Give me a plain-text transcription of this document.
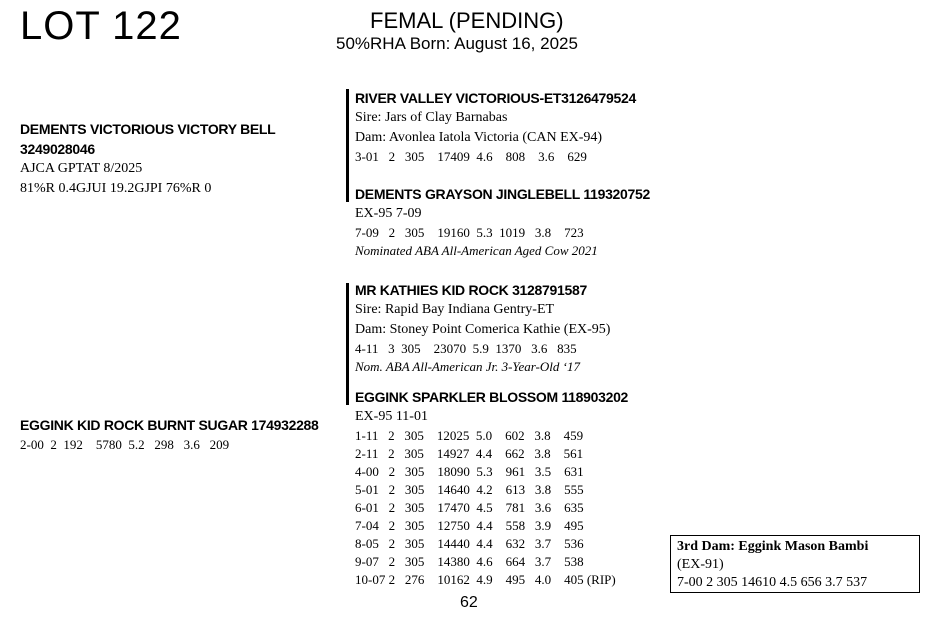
LOT 122	FEMAL (PENDING)
50%RHA Born: August 16, 2025
DEMENTS VICTORIOUS VICTORY BELL
3249028046
AJCA GPTAT 8/2025
81%R 0.4GJUI 19.2GJPI 76%R 0
EGGINK KID ROCK BURNT SUGAR 174932288
2-00  2  192    5780  5.2   298   3.6   209
RIVER VALLEY VICTORIOUS-ET3126479524
Sire: Jars of Clay Barnabas
Dam: Avonlea Iatola Victoria (CAN EX-94)
3-01   2   305    17409  4.6    808    3.6    629
DEMENTS GRAYSON JINGLEBELL 119320752
EX-95 7-09
7-09   2   305    19160  5.3  1019   3.8    723
Nominated ABA All-American Aged Cow 2021
MR KATHIES KID ROCK 3128791587
Sire: Rapid Bay Indiana Gentry-ET
Dam: Stoney Point Comerica Kathie (EX-95)
4-11   3  305    23070  5.9  1370   3.6   835
Nom. ABA All-American Jr. 3-Year-Old ‘17
EGGINK SPARKLER BLOSSOM 118903202
EX-95 11-01
1-11   2   305    12025  5.0    602   3.8    459
2-11   2   305    14927  4.4    662   3.8    561
4-00   2   305    18090  5.3    961   3.5    631
5-01   2   305    14640  4.2    613   3.8    555
6-01   2   305    17470  4.5    781   3.6    635
7-04   2   305    12750  4.4    558   3.9    495
8-05   2   305    14440  4.4    632   3.7    536
9-07   2   305    14380  4.6    664   3.7    538
10-07 2   276    10162  4.9    495   4.0    405 (RIP)
3rd Dam: Eggink Mason Bambi
(EX-91)
7-00 2 305 14610 4.5 656 3.7 537
62
